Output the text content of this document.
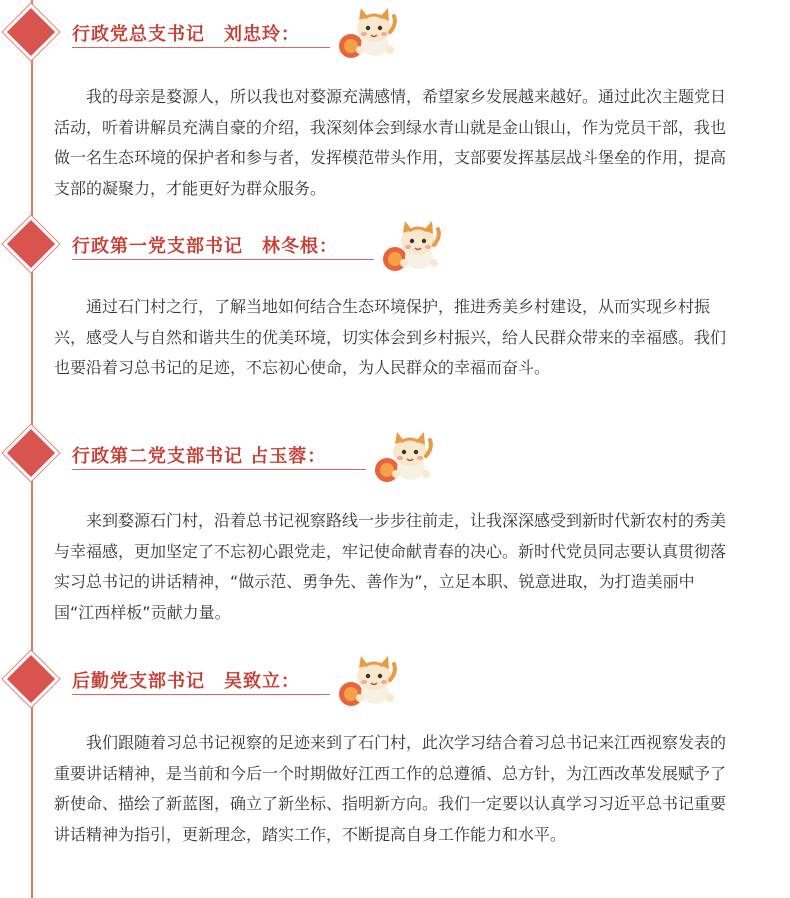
行政党总支书记　刘忠玲：

我的母亲是婺源人，所以我也对婺源充满感情，希望家乡发展越来越好。通过此次主题党日活动，听着讲解员充满自豪的介绍，我深刻体会到绿水青山就是金山银山，作为党员干部，我也做一名生态环境的保护者和参与者，发挥模范带头作用，支部要发挥基层战斗堡垒的作用，提高支部的凝聚力，才能更好为群众服务。

行政第一党支部书记　林冬根：

通过石门村之行，了解当地如何结合生态环境保护，推进秀美乡村建设，从而实现乡村振兴，感受人与自然和谐共生的优美环境，切实体会到乡村振兴，给人民群众带来的幸福感。我们也要沿着习总书记的足迹，不忘初心使命，为人民群众的幸福而奋斗。

行政第二党支部书记 占玉蓉：

来到婺源石门村，沿着总书记视察路线一步步往前走，让我深深感受到新时代新农村的秀美与幸福感，更加坚定了不忘初心跟党走，牢记使命献青春的决心。新时代党员同志要认真贯彻落实习总书记的讲话精神，“做示范、勇争先、善作为”，立足本职、锐意进取，为打造美丽中国“江西样板”贡献力量。

后勤党支部书记　吴致立：

我们跟随着习总书记视察的足迹来到了石门村，此次学习结合着习总书记来江西视察发表的重要讲话精神，是当前和今后一个时期做好江西工作的总遵循、总方针，为江西改革发展赋予了新使命、描绘了新蓝图，确立了新坐标、指明新方向。我们一定要以认真学习习近平总书记重要讲话精神为指引，更新理念，踏实工作，不断提高自身工作能力和水平。
